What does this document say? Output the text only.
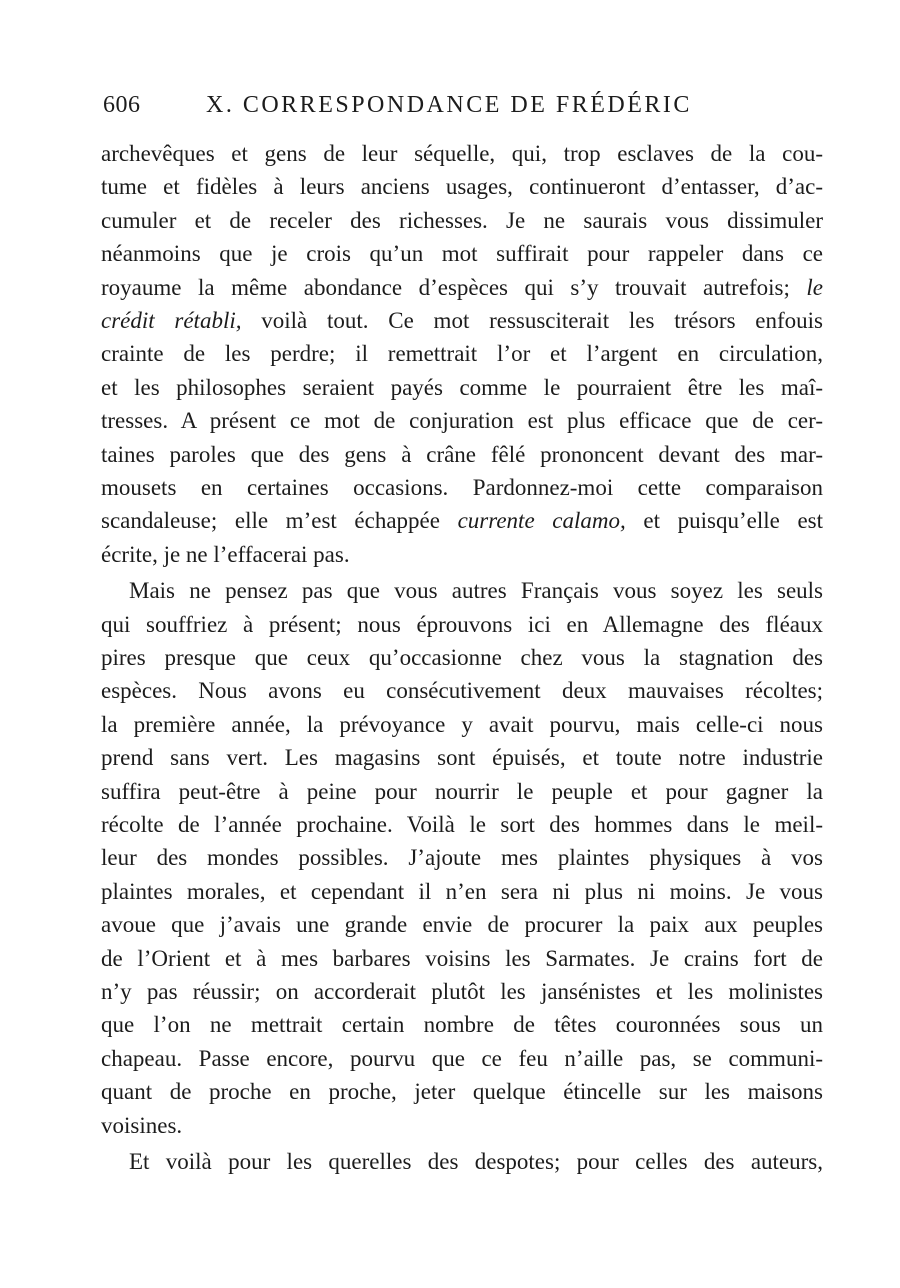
606	X. CORRESPONDANCE DE FRÉDÉRIC
archevêques et gens de leur séquelle, qui, trop esclaves de la cou-
tume et fidèles à leurs anciens usages, continueront d’entasser, d’ac-
cumuler et de receler des richesses. Je ne saurais vous dissimuler
néanmoins que je crois qu’un mot suffirait pour rappeler dans ce
royaume la même abondance d’espèces qui s’y trouvait autrefois; le
crédit rétabli, voilà tout. Ce mot ressusciterait les trésors enfouis
crainte de les perdre; il remettrait l’or et l’argent en circulation,
et les philosophes seraient payés comme le pourraient être les maî-
tresses. A présent ce mot de conjuration est plus efficace que de cer-
taines paroles que des gens à crâne fêlé prononcent devant des mar-
mousets en certaines occasions. Pardonnez-moi cette comparaison
scandaleuse; elle m’est échappée currente calamo, et puisqu’elle est
écrite, je ne l’effacerai pas.
Mais ne pensez pas que vous autres Français vous soyez les seuls
qui souffriez à présent; nous éprouvons ici en Allemagne des fléaux
pires presque que ceux qu’occasionne chez vous la stagnation des
espèces. Nous avons eu consécutivement deux mauvaises récoltes;
la première année, la prévoyance y avait pourvu, mais celle-ci nous
prend sans vert. Les magasins sont épuisés, et toute notre industrie
suffira peut-être à peine pour nourrir le peuple et pour gagner la
récolte de l’année prochaine. Voilà le sort des hommes dans le meil-
leur des mondes possibles. J’ajoute mes plaintes physiques à vos
plaintes morales, et cependant il n’en sera ni plus ni moins. Je vous
avoue que j’avais une grande envie de procurer la paix aux peuples
de l’Orient et à mes barbares voisins les Sarmates. Je crains fort de
n’y pas réussir; on accorderait plutôt les jansénistes et les molinistes
que l’on ne mettrait certain nombre de têtes couronnées sous un
chapeau. Passe encore, pourvu que ce feu n’aille pas, se communi-
quant de proche en proche, jeter quelque étincelle sur les maisons
voisines.
Et voilà pour les querelles des despotes; pour celles des auteurs,
